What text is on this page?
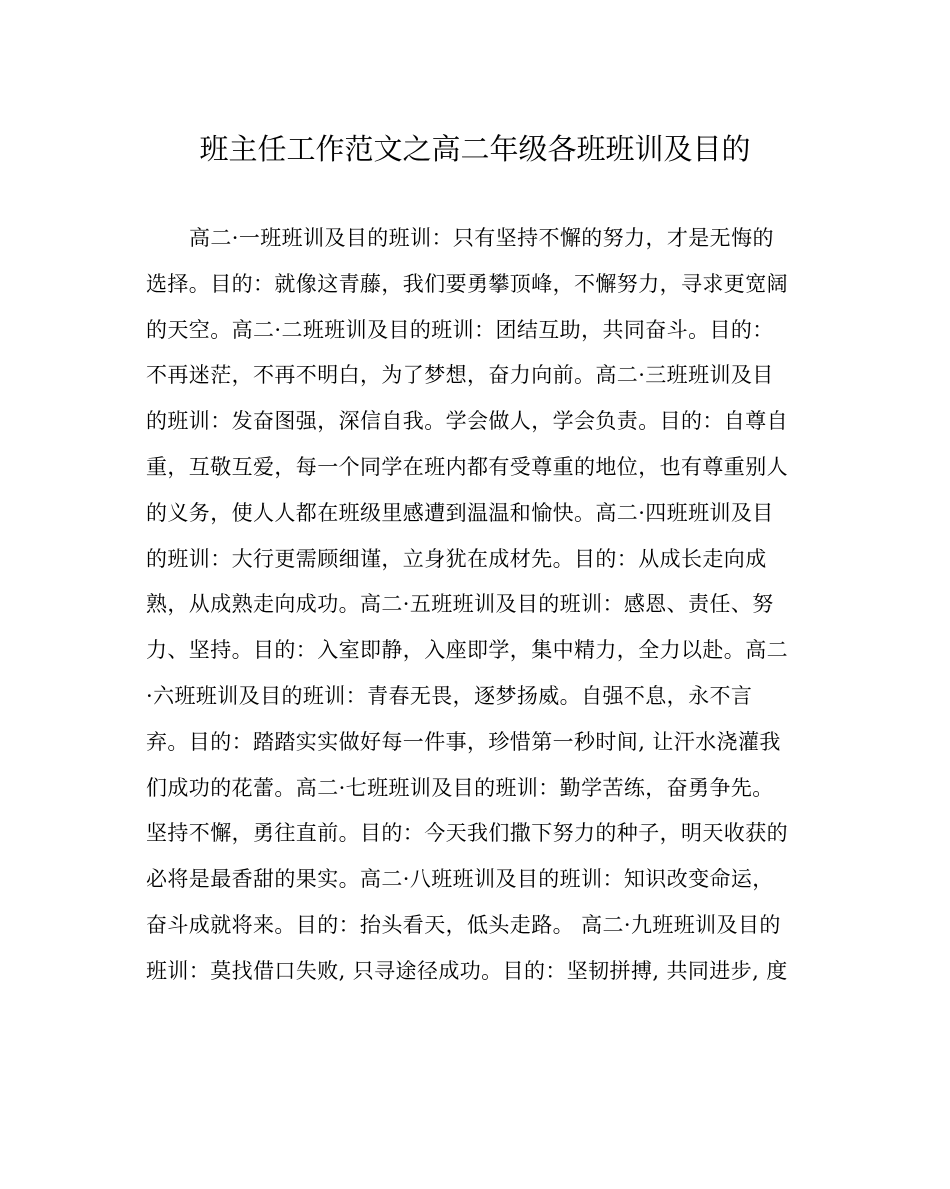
班主任工作范文之高二年级各班班训及目的
高二·一班班训及目的班训：只有坚持不懈的努力，才是无悔的
选择。目的：就像这青藤，我们要勇攀顶峰，不懈努力，寻求更宽阔
的天空。高二·二班班训及目的班训：团结互助，共同奋斗。目的：
不再迷茫，不再不明白，为了梦想，奋力向前。高二·三班班训及目
的班训：发奋图强，深信自我。学会做人，学会负责。目的：自尊自
重，互敬互爱，每一个同学在班内都有受尊重的地位，也有尊重别人
的义务，使人人都在班级里感遭到温温和愉快。高二·四班班训及目
的班训：大行更需顾细谨，立身犹在成材先。目的：从成长走向成
熟，从成熟走向成功。高二·五班班训及目的班训：感恩、责任、努
力、坚持。目的：入室即静，入座即学，集中精力，全力以赴。高二
·六班班训及目的班训：青春无畏，逐梦扬威。自强不息，永不言
弃。目的：踏踏实实做好每一件事，珍惜第一秒时间, 让汗水浇灌我
们成功的花蕾。高二·七班班训及目的班训：勤学苦练，奋勇争先。
坚持不懈，勇往直前。目的：今天我们撒下努力的种子，明天收获的
必将是最香甜的果实。高二·八班班训及目的班训：知识改变命运，
奋斗成就将来。目的：抬头看天，低头走路。 高二·九班班训及目的
班训：莫找借口失败, 只寻途径成功。目的：坚韧拼搏, 共同进步, 度
